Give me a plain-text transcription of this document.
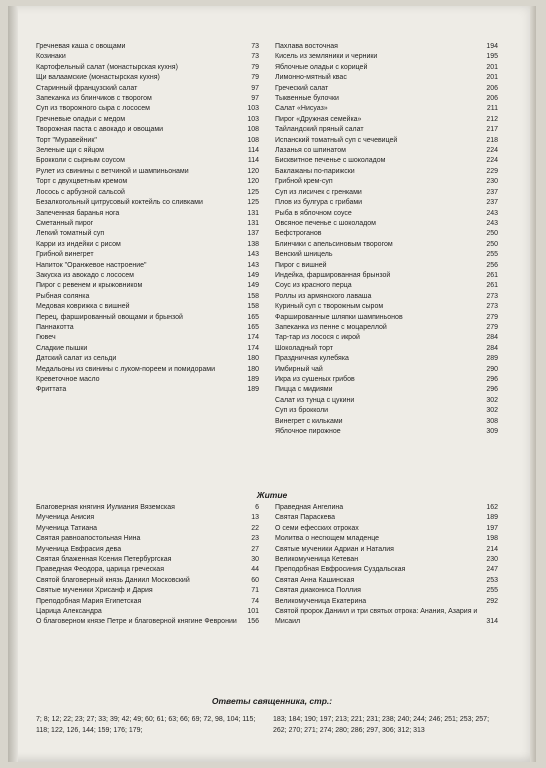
Гречневая каша с овощами	73
Козинаки	73
Картофельный салат (монастырская кухня)	79
Щи валаамские (монастырская кухня)	79
Старинный французский салат	97
Запеканка из блинчиков с творогом	97
Суп из творожного сыра с лососем	103
Гречневые оладьи с медом	103
Творожная паста с авокадо и овощами	108
Торт "Муравейник"	108
Зеленые щи с яйцом	114
Брокколи с сырным соусом	114
Рулет из свинины с ветчиной и шампиньонами	120
Торт с двухцветным кремом	120
Лосось с арбузной сальсой	125
Безалкогольный цитрусовый коктейль со сливками	125
Запеченная баранья нога	131
Сметанный пирог	131
Легкий томатный суп	137
Карри из индейки с рисом	138
Грибной винегрет	143
Напиток "Оранжевое настроение"	143
Закуска из авокадо с лососем	149
Пирог с ревенем и крыжовником	149
Рыбная солянка	158
Медовая коврижка с вишней	158
Перец, фаршированный овощами и брынзой	165
Паннакотта	165
Гювеч	174
Сладкие пышки	174
Датский салат из сельди	180
Медальоны из свинины с луком-пореем и помидорами	180
Креветочное масло	189
Фриттата	189
Пахлава восточная	194
Кисель из земляники и черники	195
Яблочные оладьи с корицей	201
Лимонно-мятный квас	201
Греческий салат	206
Тыквенные булочки	206
Салат «Нисуаз»	211
Пирог «Дружная семейка»	212
Тайландский пряный салат	217
Испанский томатный суп с чечевицей	218
Лазанья со шпинатом	224
Бисквитное печенье с шоколадом	224
Баклажаны по-парижски	229
Грибной крем-суп	230
Суп из лисичек с гренками	237
Плов из булгура с грибами	237
Рыба в яблочном соусе	243
Овсяное печенье с шоколадом	243
Бефстроганов	250
Блинчики с апельсиновым творогом	250
Венский шницель	255
Пирог с вишней	256
Индейка, фаршированная брынзой	261
Соус из красного перца	261
Роллы из армянского лаваша	273
Куриный суп с творожным сыром	273
Фаршированные шляпки шампиньонов	279
Запеканка из пенне с моцареллой	279
Тар-тар из лосося с икрой	284
Шоколадный торт	284
Праздничная кулебяка	289
Имбирный чай	290
Икра из сушеных грибов	296
Пицца с мидиями	296
Салат из тунца с цукини	302
Суп из брокколи	302
Винегрет с кильками	308
Яблочное пирожное	309
Житие
Благоверная княгиня Иулиания Вяземская	6
Мученица Анисия	13
Мученица Татиана	22
Святая равноапостольная Нина	23
Мученица Евфрасия дева	27
Святая блаженная Ксения Петербургская	30
Праведная Феодора, царица греческая	44
Святой благоверный князь Даниил Московский	60
Святые мученики Хрисанф и Дария	71
Преподобная Мария Египетская	74
Царица Александра	101
О благоверном князе Петре и благоверной княгине Февронии	156
Праведная Ангелина	162
Святая Параскева	189
О семи ефесских отроках	197
Молитва о несгющем младенце	198
Святые мученики Адриан и Наталия	214
Великомученица Кетеван	230
Преподобная Евфросиния Суздальская	247
Святая Анна Кашинская	253
Святая диакониса Поллия	255
Великомученица Екатерина	292
Святой пророк Даниил и три святых отрока: Анания, Азария и Мисаил	314
Ответы священника, стр.:
7; 8; 12; 22; 23; 27; 33; 39; 42; 49; 60; 61; 63; 66; 69; 72, 98, 104; 115; 118; 122, 126, 144; 159; 176; 179;
183; 184; 190; 197; 213; 221; 231; 238; 240; 244; 246; 251; 253; 257; 262; 270; 271; 274; 280; 286; 297, 306; 312; 313
